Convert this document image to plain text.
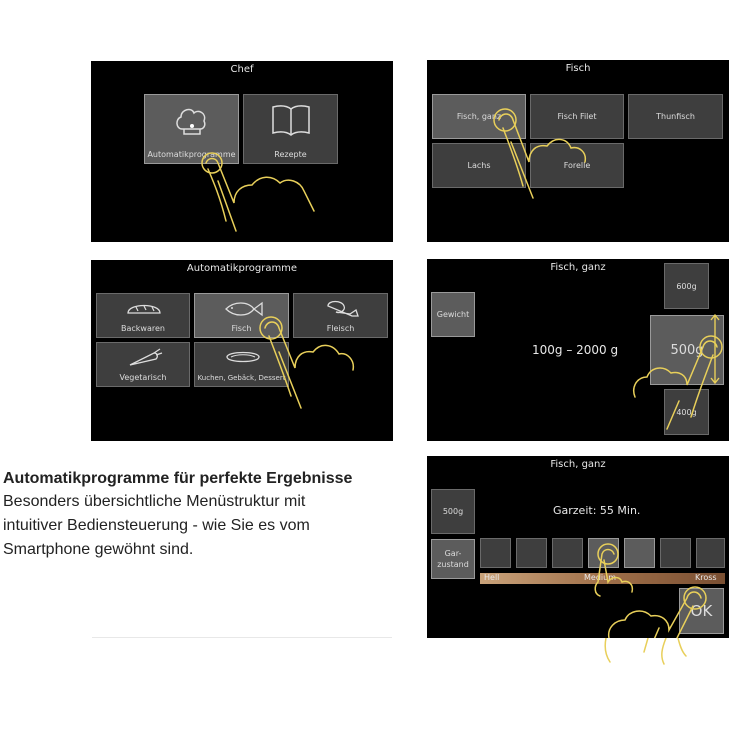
Chef
Automatikprogramme	Rezepte
Fisch
Fisch, ganz	Fisch Filet	Thunfisch
Lachs	Forelle
Automatikprogramme
Backwaren	Fisch	Fleisch
Vegetarisch	Kuchen, Gebäck, Dessert
Fisch, ganz
Gewicht
100g – 2000 g
600g
500g
400g
Fisch, ganz
500g

Gar-
zustand

Garzeit: 55 Min.
Hell	Medium	Kross
OK
Automatikprogramme für perfekte Ergebnisse
Besonders übersichtliche Menüstruktur mit intuitiver Bediensteuerung - wie Sie es vom Smartphone gewöhnt sind.
